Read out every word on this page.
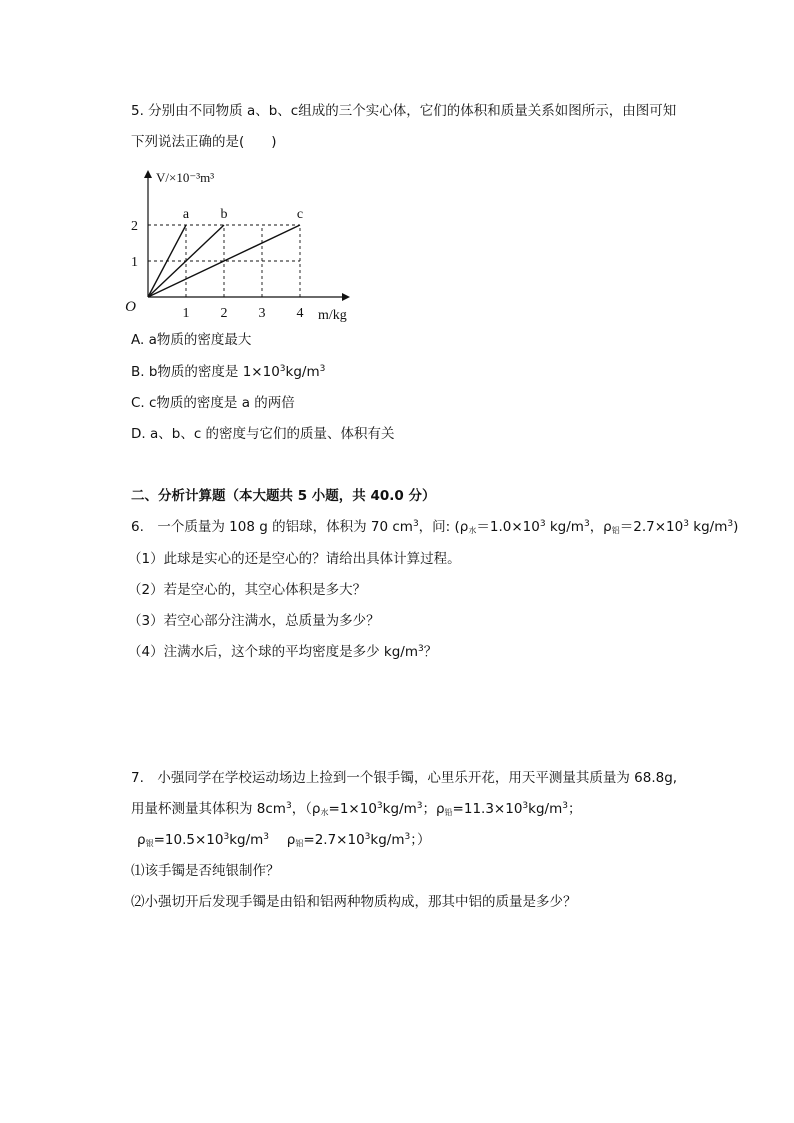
5. 分别由不同物质 a、b、c组成的三个实心体，它们的体积和质量关系如图所示，由图可知
下列说法正确的是(　　)
a b	c
1 2 3 4
1
2
O
m/kg
V/×10⁻³m³
A. a物质的密度最大
B. b物质的密度是 $1\times 10^3kg/m^3$
C. c物质的密度是 a 的两倍
D. a、b、c 的密度与它们的质量、体积有关
二、分析计算题（本大题共 5 小题，共 40.0 分）
6.　一个质量为 108 g 的铝球，体积为 70 $cm^3$，问: ($\rho_水=1.0\times 10^3$ $kg/m^3$，$\rho_铝=2.7\times 10^3$ $kg/m^3$)
（1）此球是实心的还是空心的？请给出具体计算过程。
（2）若是空心的，其空心体积是多大？
（3）若空心部分注满水，总质量为多少？
（4）注满水后，这个球的平均密度是多少 $kg/m^3$？
7.　小强同学在学校运动场边上捡到一个银手镯，心里乐开花，用天平测量其质量为 68.8g,
用量杯测量其体积为 $8cm^3$，（$\rho_水=1\times 10^3kg/m^3$；$\rho_铅=11.3\times 10^3kg/m^3$；
$\rho_银=10.5\times 10^3kg/m^3$　 $\rho_铝=2.7\times 10^3kg/m^3$；）
⑴该手镯是否纯银制作？
⑵小强切开后发现手镯是由铅和铝两种物质构成，那其中铝的质量是多少？
